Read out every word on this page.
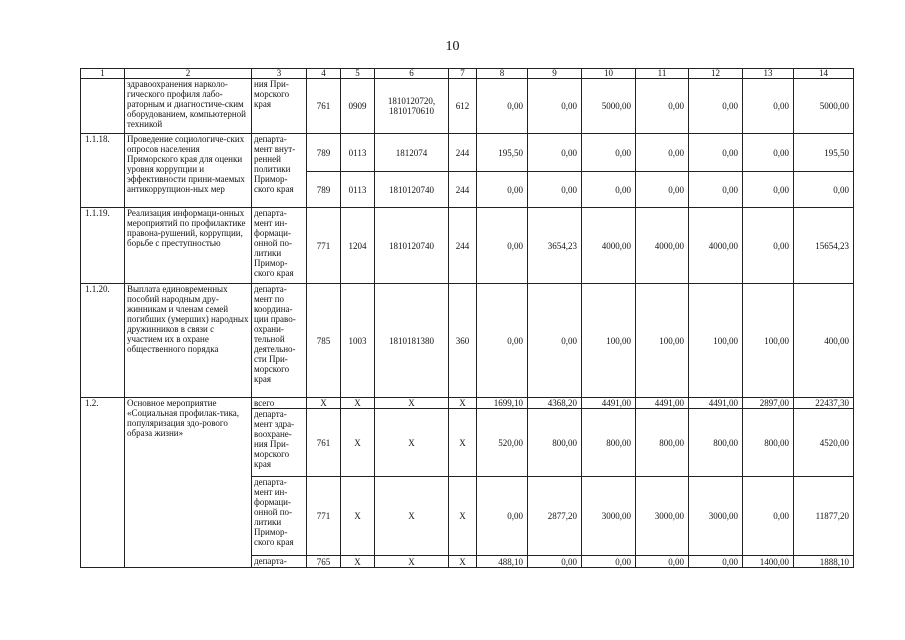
10
1	2	3	4	5	6	7	8	9	10	11	12	13	14
	здравоохранения нарколо-гического профиля лабо-раторным и диагностиче-ским оборудованием, компьютерной техникой	ния При-морского края	761	0909	1810120720, 1810170610	612	0,00	0,00	5000,00	0,00	0,00	0,00	5000,00
1.1.18.	Проведение социологиче-ских опросов населения Приморского края для оценки уровня коррупции и эффективности прини-маемых антикоррупцион-ных мер	департа-мент внут-ренней политики Примор-ского края	789	0113	1812074	244	195,50	0,00	0,00	0,00	0,00	0,00	195,50
			789	0113	1810120740	244	0,00	0,00	0,00	0,00	0,00	0,00	0,00
1.1.19.	Реализация информаци-онных мероприятий по профилактике правона-рушений, коррупции, борьбе с преступностью	департа-мент ин-формаци-онной по-литики Примор-ского края	771	1204	1810120740	244	0,00	3654,23	4000,00	4000,00	4000,00	0,00	15654,23
1.1.20.	Выплата единовременных пособий народным дру-жинникам и членам семей погибших (умерших) народных дружинников в связи с участием их в охране общественного порядка	департа-мент по координа-ции право-охрани-тельной деятельно-сти При-морского края	785	1003	1810181380	360	0,00	0,00	100,00	100,00	100,00	100,00	400,00
1.2.	Основное мероприятие «Социальная профилак-тика, популяризация здо-рового образа жизни»	всего	X	X	X	X	1699,10	4368,20	4491,00	4491,00	4491,00	2897,00	22437,30
		департа-мент здра-воохране-ния При-морского края	761	X	X	X	520,00	800,00	800,00	800,00	800,00	800,00	4520,00
		департа-мент ин-формаци-онной по-литики Примор-ского края	771	X	X	X	0,00	2877,20	3000,00	3000,00	3000,00	0,00	11877,20
		департа-	765	X	X	X	488,10	0,00	0,00	0,00	0,00	1400,00	1888,10
